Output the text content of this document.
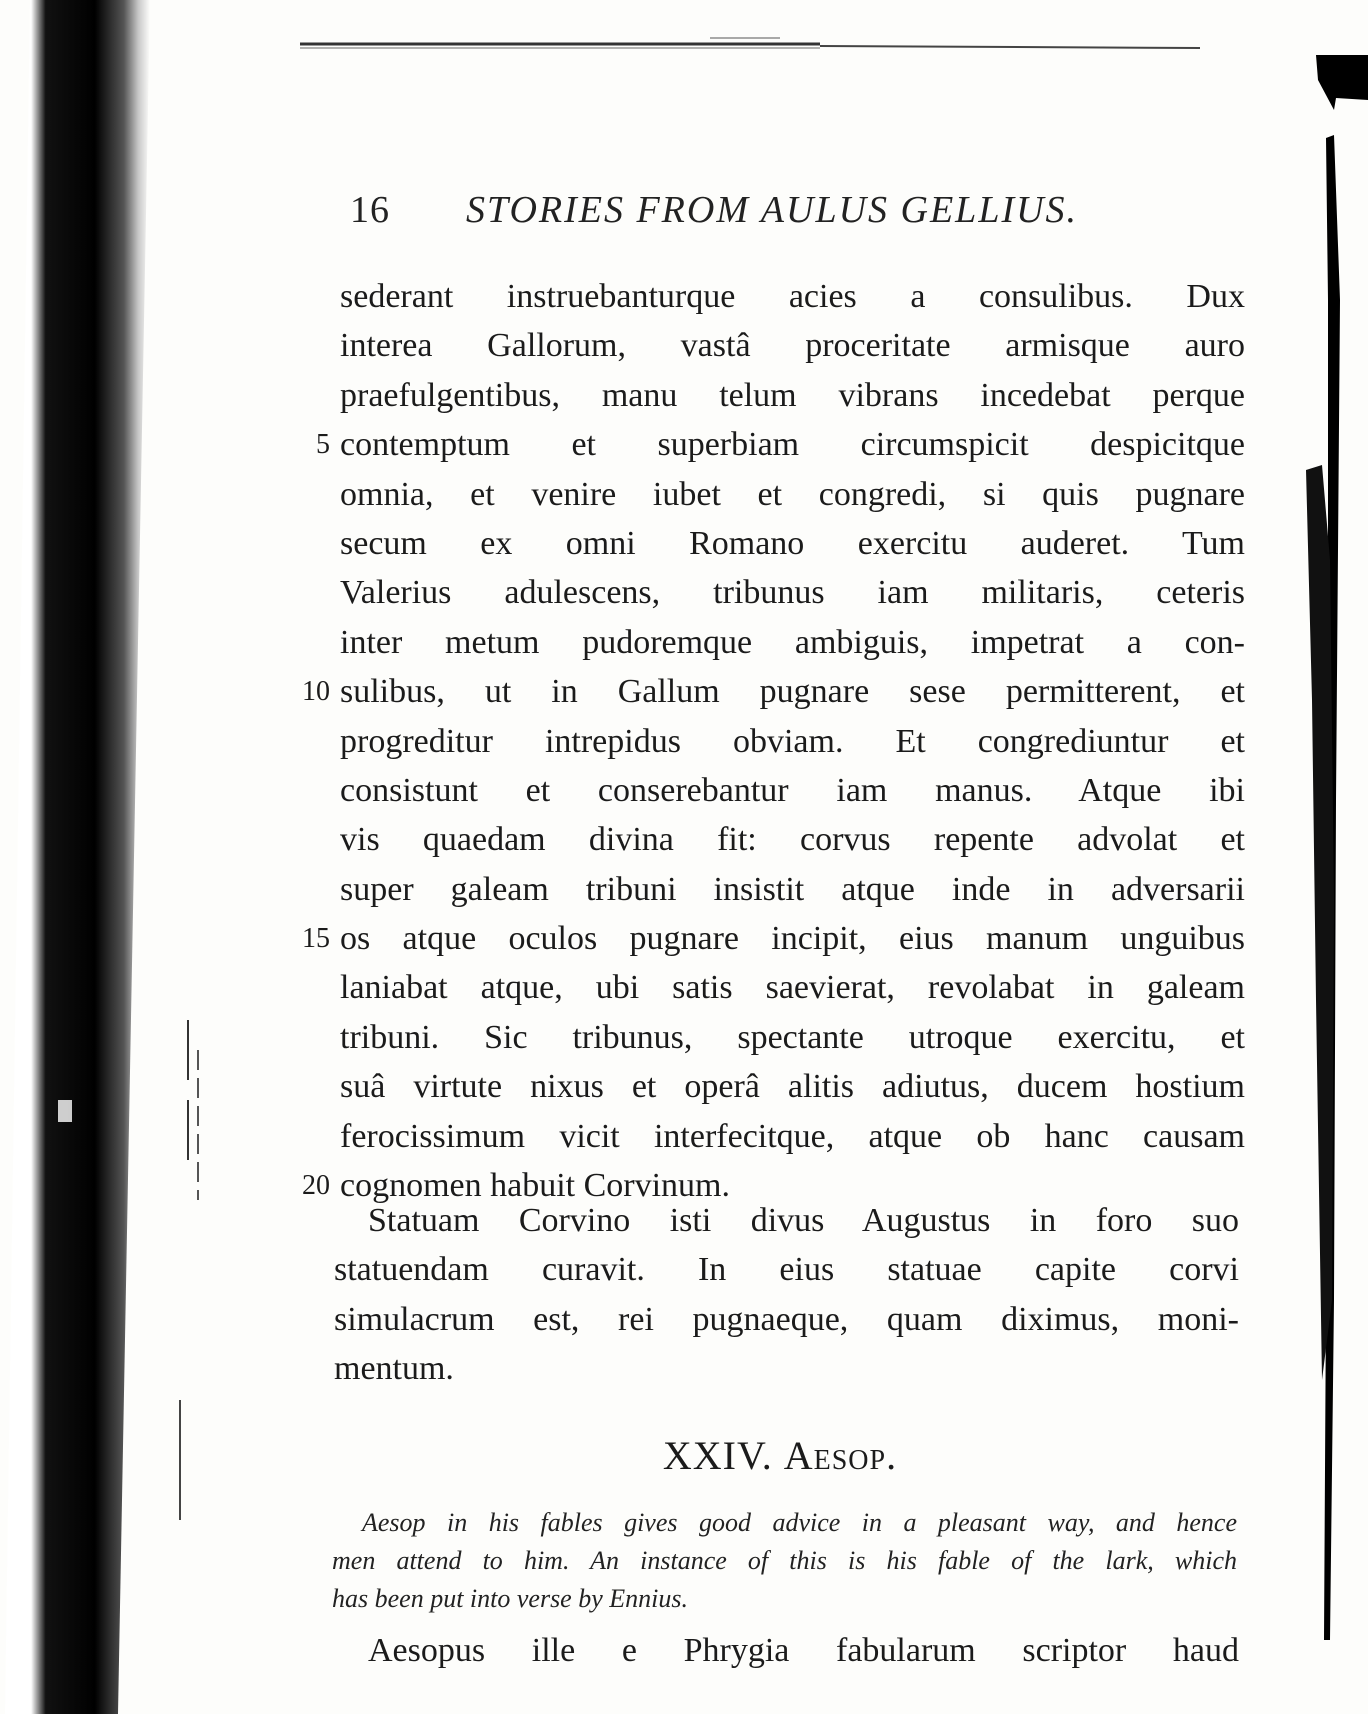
16 STORIES FROM AULUS GELLIUS.
sederant instruebanturque acies a consulibus. Dux
interea Gallorum, vastâ proceritate armisque auro
praefulgentibus, manu telum vibrans incedebat perque
5 contemptum et superbiam circumspicit despicitque
omnia, et venire iubet et congredi, si quis pugnare
secum ex omni Romano exercitu auderet. Tum
Valerius adulescens, tribunus iam militaris, ceteris
inter metum pudoremque ambiguis, impetrat a con-
10 sulibus, ut in Gallum pugnare sese permitterent, et
progreditur intrepidus obviam. Et congrediuntur et
consistunt et conserebantur iam manus. Atque ibi
vis quaedam divina fit: corvus repente advolat et
super galeam tribuni insistit atque inde in adversarii
15 os atque oculos pugnare incipit, eius manum unguibus
laniabat atque, ubi satis saevierat, revolabat in galeam
tribuni. Sic tribunus, spectante utroque exercitu, et
suâ virtute nixus et operâ alitis adiutus, ducem hostium
ferocissimum vicit interfecitque, atque ob hanc causam
20 cognomen habuit Corvinum.
Statuam Corvino isti divus Augustus in foro suo
statuendam curavit. In eius statuae capite corvi
simulacrum est, rei pugnaeque, quam diximus, moni-
mentum.
XXIV. Aesop.
Aesop in his fables gives good advice in a pleasant way, and hence
men attend to him. An instance of this is his fable of the lark, which
has been put into verse by Ennius.
Aesopus ille e Phrygia fabularum scriptor haud
